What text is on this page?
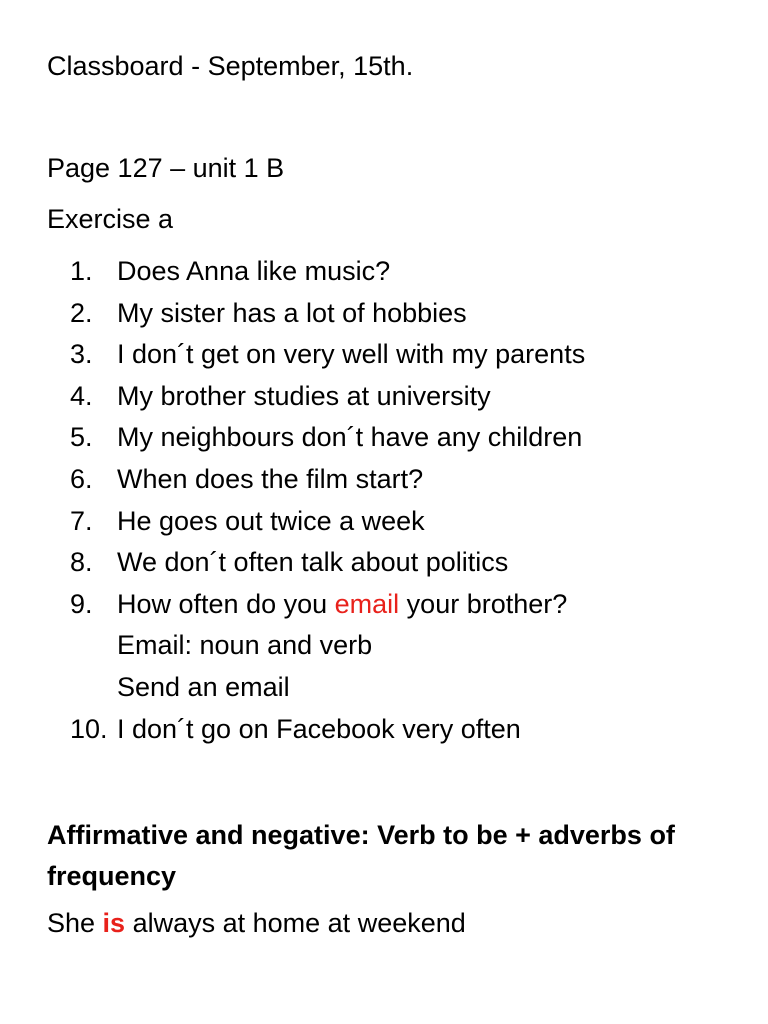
Classboard - September, 15th.
Page 127 – unit 1 B
Exercise a
1. Does Anna like music?
2. My sister has a lot of hobbies
3. I don´t get on very well with my parents
4. My brother studies at university
5. My neighbours don´t have any children
6. When does the film start?
7. He goes out twice a week
8. We don´t often talk about politics
9. How often do you email your brother?
Email: noun and verb
Send an email
10. I don´t go on Facebook very often
Affirmative and negative: Verb to be + adverbs of frequency
She is always at home at weekend
